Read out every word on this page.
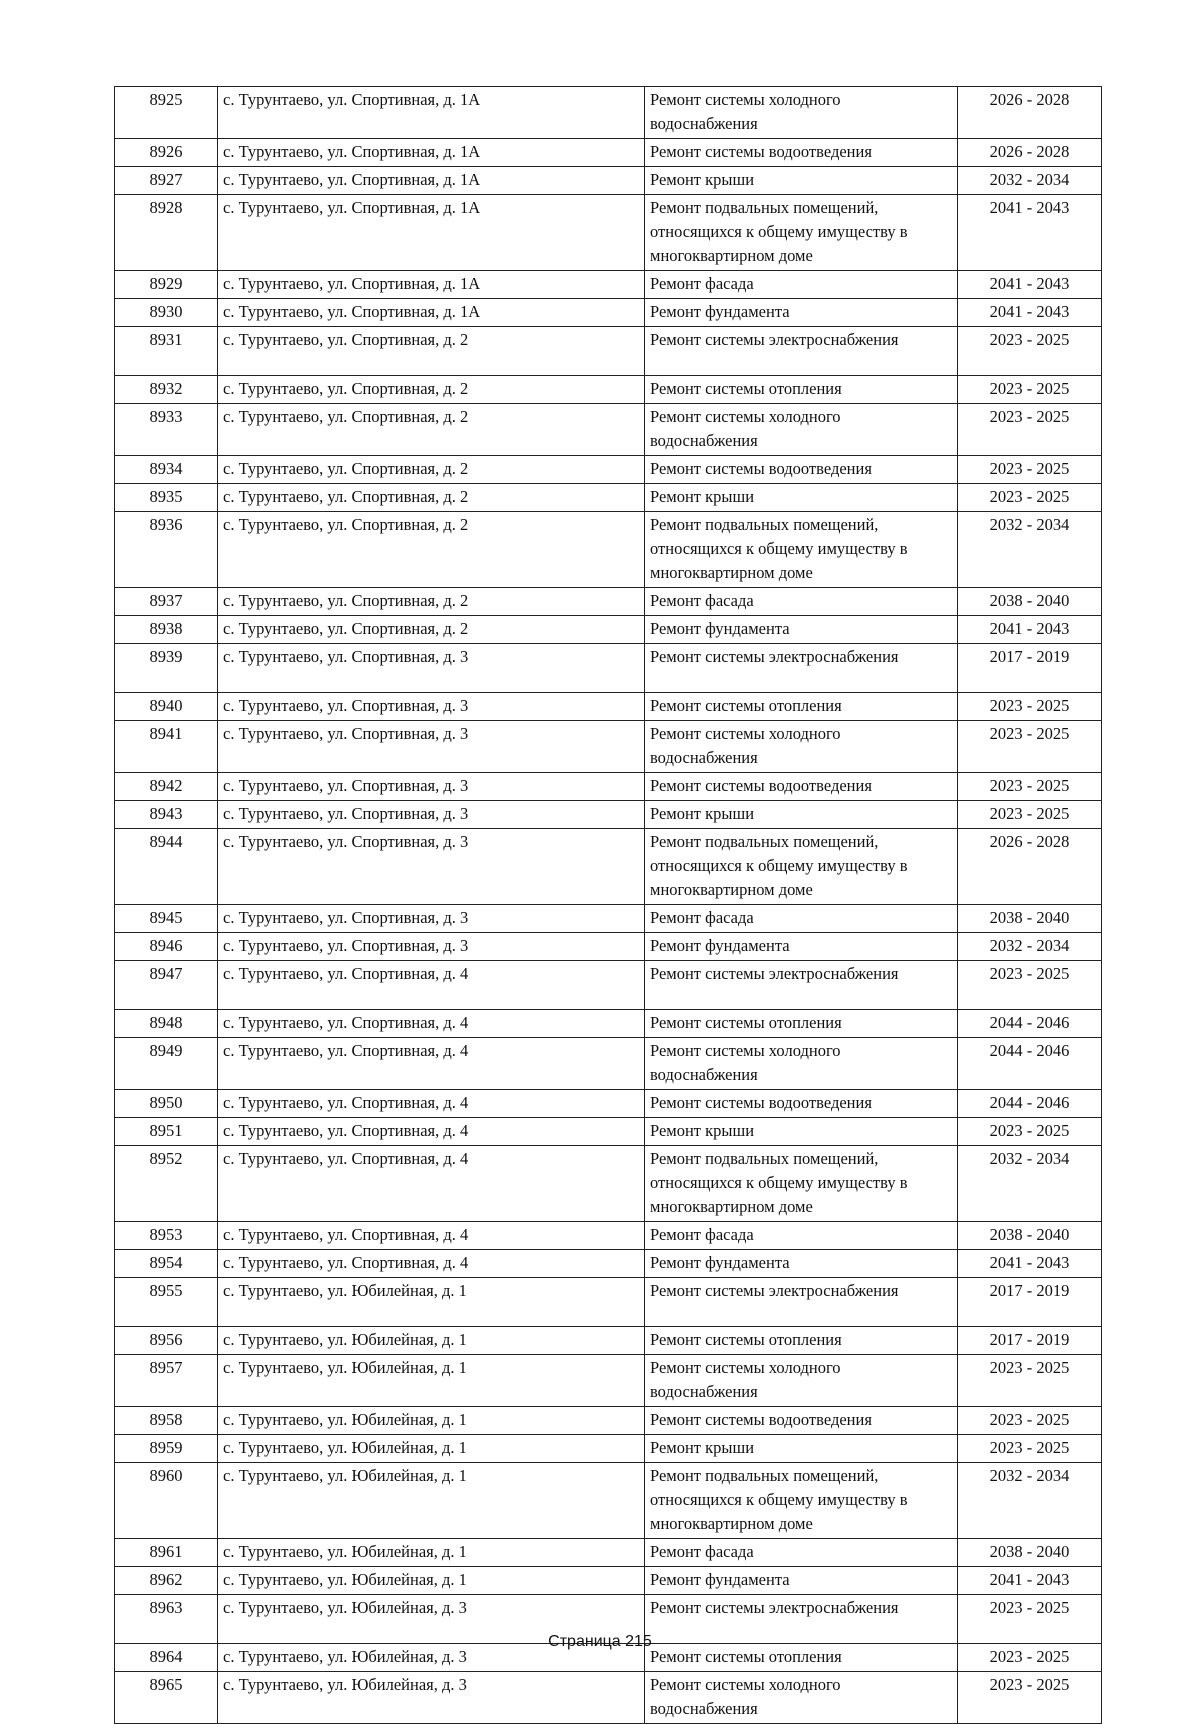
8925	с. Турунтаево, ул. Спортивная, д. 1А	Ремонт системы холодного водоснабжения	2026 - 2028
8926	с. Турунтаево, ул. Спортивная, д. 1А	Ремонт системы водоотведения	2026 - 2028
8927	с. Турунтаево, ул. Спортивная, д. 1А	Ремонт крыши	2032 - 2034
8928	с. Турунтаево, ул. Спортивная, д. 1А	Ремонт подвальных помещений, относящихся к общему имуществу в многоквартирном доме	2041 - 2043
8929	с. Турунтаево, ул. Спортивная, д. 1А	Ремонт фасада	2041 - 2043
8930	с. Турунтаево, ул. Спортивная, д. 1А	Ремонт фундамента	2041 - 2043
8931	с. Турунтаево, ул. Спортивная, д. 2	Ремонт системы электроснабжения	2023 - 2025
8932	с. Турунтаево, ул. Спортивная, д. 2	Ремонт системы отопления	2023 - 2025
8933	с. Турунтаево, ул. Спортивная, д. 2	Ремонт системы холодного водоснабжения	2023 - 2025
8934	с. Турунтаево, ул. Спортивная, д. 2	Ремонт системы водоотведения	2023 - 2025
8935	с. Турунтаево, ул. Спортивная, д. 2	Ремонт крыши	2023 - 2025
8936	с. Турунтаево, ул. Спортивная, д. 2	Ремонт подвальных помещений, относящихся к общему имуществу в многоквартирном доме	2032 - 2034
8937	с. Турунтаево, ул. Спортивная, д. 2	Ремонт фасада	2038 - 2040
8938	с. Турунтаево, ул. Спортивная, д. 2	Ремонт фундамента	2041 - 2043
8939	с. Турунтаево, ул. Спортивная, д. 3	Ремонт системы электроснабжения	2017 - 2019
8940	с. Турунтаево, ул. Спортивная, д. 3	Ремонт системы отопления	2023 - 2025
8941	с. Турунтаево, ул. Спортивная, д. 3	Ремонт системы холодного водоснабжения	2023 - 2025
8942	с. Турунтаево, ул. Спортивная, д. 3	Ремонт системы водоотведения	2023 - 2025
8943	с. Турунтаево, ул. Спортивная, д. 3	Ремонт крыши	2023 - 2025
8944	с. Турунтаево, ул. Спортивная, д. 3	Ремонт подвальных помещений, относящихся к общему имуществу в многоквартирном доме	2026 - 2028
8945	с. Турунтаево, ул. Спортивная, д. 3	Ремонт фасада	2038 - 2040
8946	с. Турунтаево, ул. Спортивная, д. 3	Ремонт фундамента	2032 - 2034
8947	с. Турунтаево, ул. Спортивная, д. 4	Ремонт системы электроснабжения	2023 - 2025
8948	с. Турунтаево, ул. Спортивная, д. 4	Ремонт системы отопления	2044 - 2046
8949	с. Турунтаево, ул. Спортивная, д. 4	Ремонт системы холодного водоснабжения	2044 - 2046
8950	с. Турунтаево, ул. Спортивная, д. 4	Ремонт системы водоотведения	2044 - 2046
8951	с. Турунтаево, ул. Спортивная, д. 4	Ремонт крыши	2023 - 2025
8952	с. Турунтаево, ул. Спортивная, д. 4	Ремонт подвальных помещений, относящихся к общему имуществу в многоквартирном доме	2032 - 2034
8953	с. Турунтаево, ул. Спортивная, д. 4	Ремонт фасада	2038 - 2040
8954	с. Турунтаево, ул. Спортивная, д. 4	Ремонт фундамента	2041 - 2043
8955	с. Турунтаево, ул. Юбилейная, д. 1	Ремонт системы электроснабжения	2017 - 2019
8956	с. Турунтаево, ул. Юбилейная, д. 1	Ремонт системы отопления	2017 - 2019
8957	с. Турунтаево, ул. Юбилейная, д. 1	Ремонт системы холодного водоснабжения	2023 - 2025
8958	с. Турунтаево, ул. Юбилейная, д. 1	Ремонт системы водоотведения	2023 - 2025
8959	с. Турунтаево, ул. Юбилейная, д. 1	Ремонт крыши	2023 - 2025
8960	с. Турунтаево, ул. Юбилейная, д. 1	Ремонт подвальных помещений, относящихся к общему имуществу в многоквартирном доме	2032 - 2034
8961	с. Турунтаево, ул. Юбилейная, д. 1	Ремонт фасада	2038 - 2040
8962	с. Турунтаево, ул. Юбилейная, д. 1	Ремонт фундамента	2041 - 2043
8963	с. Турунтаево, ул. Юбилейная, д. 3	Ремонт системы электроснабжения	2023 - 2025
8964	с. Турунтаево, ул. Юбилейная, д. 3	Ремонт системы отопления	2023 - 2025
8965	с. Турунтаево, ул. Юбилейная, д. 3	Ремонт системы холодного водоснабжения	2023 - 2025
Страница 215
